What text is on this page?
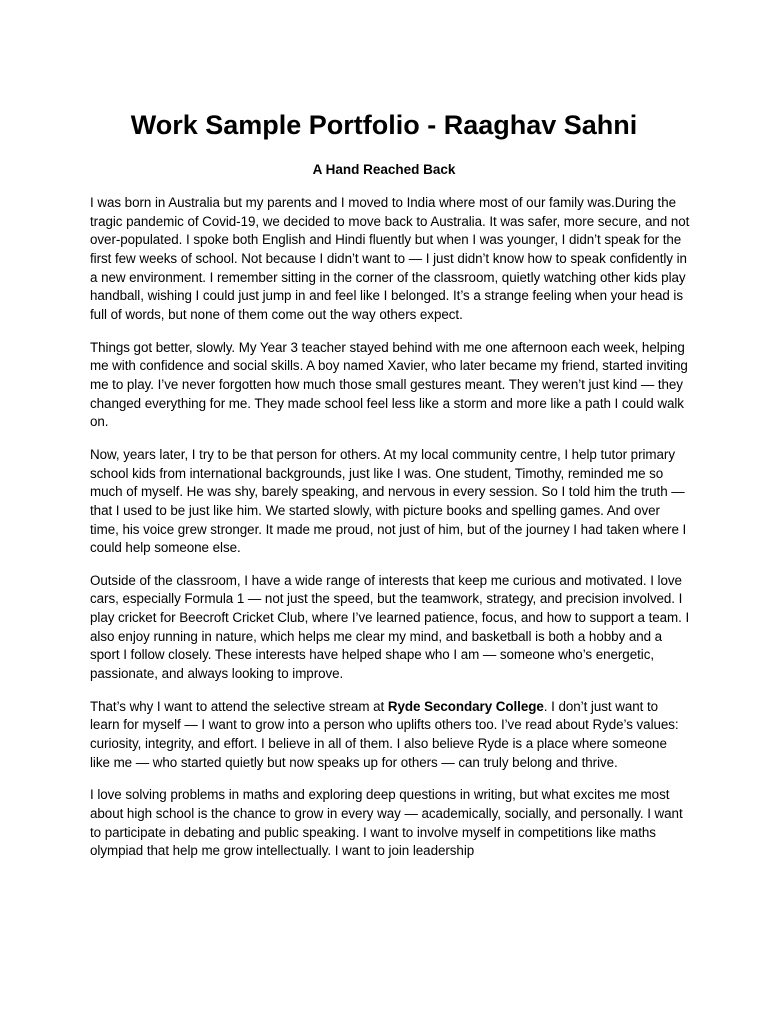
Work Sample Portfolio - Raaghav Sahni
A Hand Reached Back

I was born in Australia but my parents and I moved to India where most of our family was.During the tragic pandemic of Covid-19, we decided to move back to Australia. It was safer, more secure, and not over-populated. I spoke both English and Hindi fluently but when I was younger, I didn’t speak for the first few weeks of school. Not because I didn’t want to — I just didn’t know how to speak confidently in a new environment. I remember sitting in the corner of the classroom, quietly watching other kids play handball, wishing I could just jump in and feel like I belonged. It’s a strange feeling when your head is full of words, but none of them come out the way others expect.

Things got better, slowly. My Year 3 teacher stayed behind with me one afternoon each week, helping me with confidence and social skills. A boy named Xavier, who later became my friend, started inviting me to play. I’ve never forgotten how much those small gestures meant. They weren’t just kind — they changed everything for me. They made school feel less like a storm and more like a path I could walk on.

Now, years later, I try to be that person for others. At my local community centre, I help tutor primary school kids from international backgrounds, just like I was. One student, Timothy, reminded me so much of myself. He was shy, barely speaking, and nervous in every session. So I told him the truth — that I used to be just like him. We started slowly, with picture books and spelling games. And over time, his voice grew stronger. It made me proud, not just of him, but of the journey I had taken where I could help someone else.

Outside of the classroom, I have a wide range of interests that keep me curious and motivated. I love cars, especially Formula 1 — not just the speed, but the teamwork, strategy, and precision involved. I play cricket for Beecroft Cricket Club, where I’ve learned patience, focus, and how to support a team. I also enjoy running in nature, which helps me clear my mind, and basketball is both a hobby and a sport I follow closely. These interests have helped shape who I am — someone who’s energetic, passionate, and always looking to improve.

That’s why I want to attend the selective stream at Ryde Secondary College. I don’t just want to learn for myself — I want to grow into a person who uplifts others too. I’ve read about Ryde’s values: curiosity, integrity, and effort. I believe in all of them. I also believe Ryde is a place where someone like me — who started quietly but now speaks up for others — can truly belong and thrive.

I love solving problems in maths and exploring deep questions in writing, but what excites me most about high school is the chance to grow in every way — academically, socially, and personally. I want to participate in debating and public speaking. I want to involve myself in competitions like maths olympiad that help me grow intellectually. I want to join leadership
